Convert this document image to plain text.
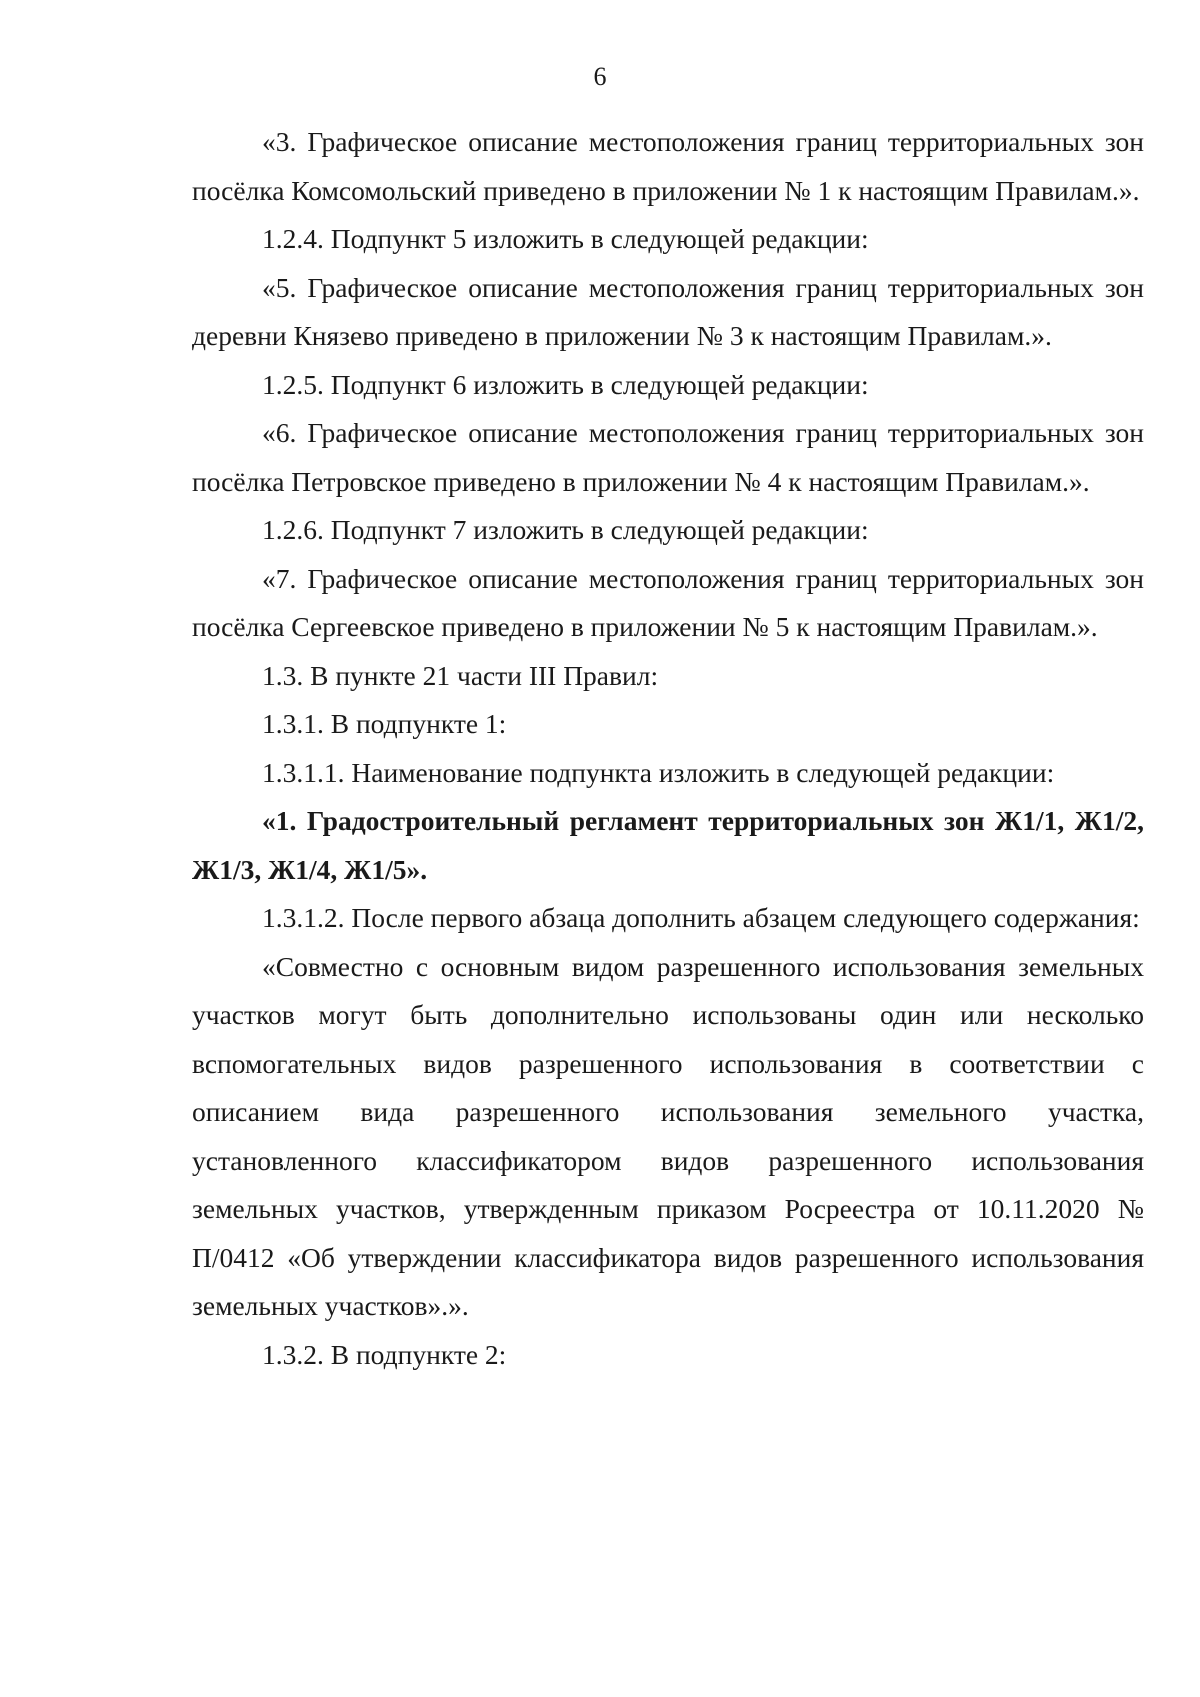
6

«3. Графическое описание местоположения границ территориальных зон посёлка Комсомольский приведено в приложении № 1 к настоящим Правилам.».

1.2.4. Подпункт 5 изложить в следующей редакции:

«5. Графическое описание местоположения границ территориальных зон деревни Князево приведено в приложении № 3 к настоящим Правилам.».

1.2.5. Подпункт 6 изложить в следующей редакции:

«6. Графическое описание местоположения границ территориальных зон посёлка Петровское приведено в приложении № 4 к настоящим Правилам.».

1.2.6. Подпункт 7 изложить в следующей редакции:

«7. Графическое описание местоположения границ территориальных зон посёлка Сергеевское приведено в приложении № 5 к настоящим Правилам.».

1.3. В пункте 21 части III Правил:

1.3.1. В подпункте 1:

1.3.1.1. Наименование подпункта изложить в следующей редакции:

«1. Градостроительный регламент территориальных зон Ж1/1, Ж1/2, Ж1/3, Ж1/4, Ж1/5».

1.3.1.2. После первого абзаца дополнить абзацем следующего содержания:

«Совместно с основным видом разрешенного использования земельных участков могут быть дополнительно использованы один или несколько вспомогательных видов разрешенного использования в соответствии с описанием вида разрешенного использования земельного участка, установленного классификатором видов разрешенного использования земельных участков, утвержденным приказом Росреестра от 10.11.2020 № П/0412 «Об утверждении классификатора видов разрешенного использования земельных участков».».

1.3.2. В подпункте 2:
